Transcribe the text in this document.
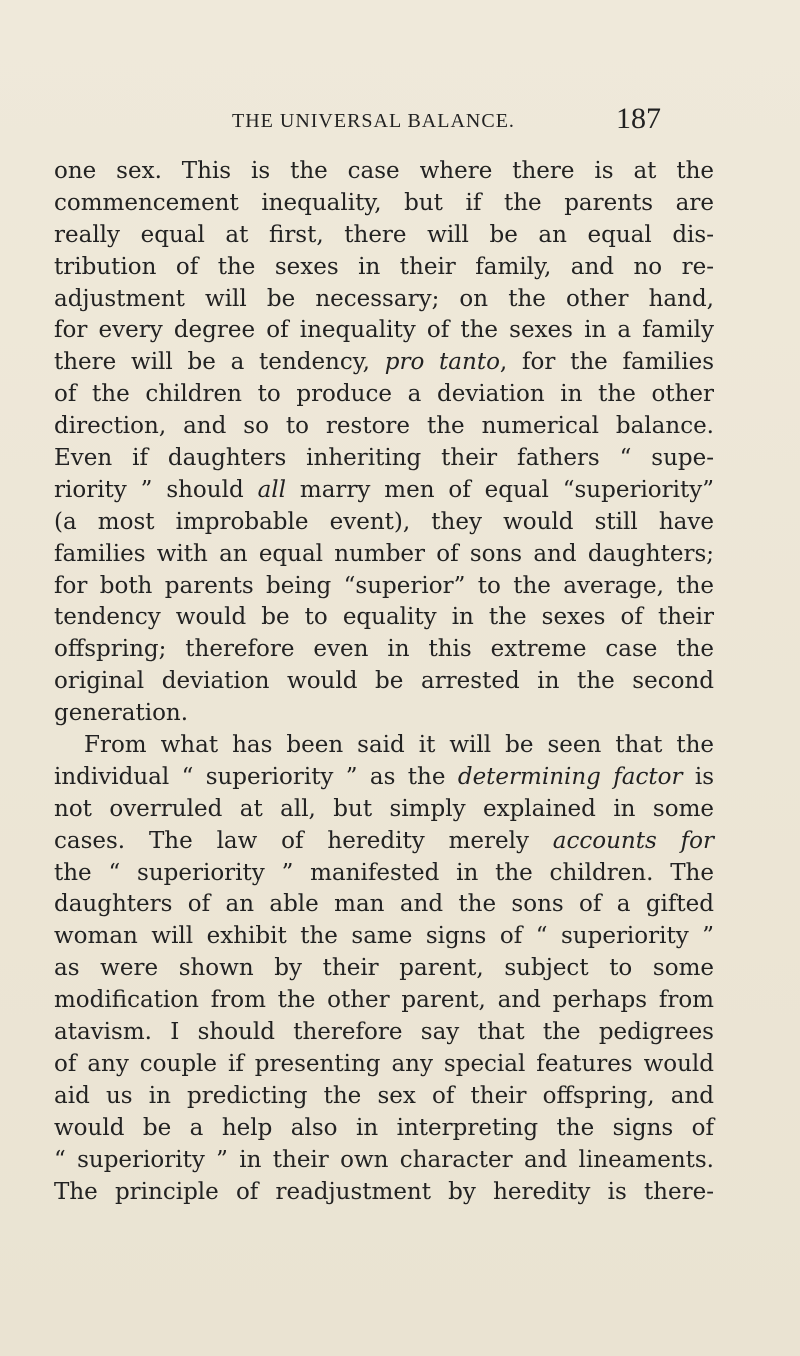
THE UNIVERSAL BALANCE.	187
one sex. This is the case where there is at the
commencement inequality, but if the parents are
really equal at first, there will be an equal dis-
tribution of the sexes in their family, and no re-
adjustment will be necessary; on the other hand,
for every degree of inequality of the sexes in a family
there will be a tendency, pro tanto, for the families
of the children to produce a deviation in the other
direction, and so to restore the numerical balance.
Even if daughters inheriting their fathers “ supe-
riority ” should all marry men of equal “superiority”
(a most improbable event), they would still have
families with an equal number of sons and daughters;
for both parents being “superior” to the average, the
tendency would be to equality in the sexes of their
offspring; therefore even in this extreme case the
original deviation would be arrested in the second
generation.
From what has been said it will be seen that the
individual “ superiority ” as the determining factor is
not overruled at all, but simply explained in some
cases. The law of heredity merely accounts for
the “ superiority ” manifested in the children. The
daughters of an able man and the sons of a gifted
woman will exhibit the same signs of “ superiority ”
as were shown by their parent, subject to some
modification from the other parent, and perhaps from
atavism. I should therefore say that the pedigrees
of any couple if presenting any special features would
aid us in predicting the sex of their offspring, and
would be a help also in interpreting the signs of
“ superiority ” in their own character and lineaments.
The principle of readjustment by heredity is there-
